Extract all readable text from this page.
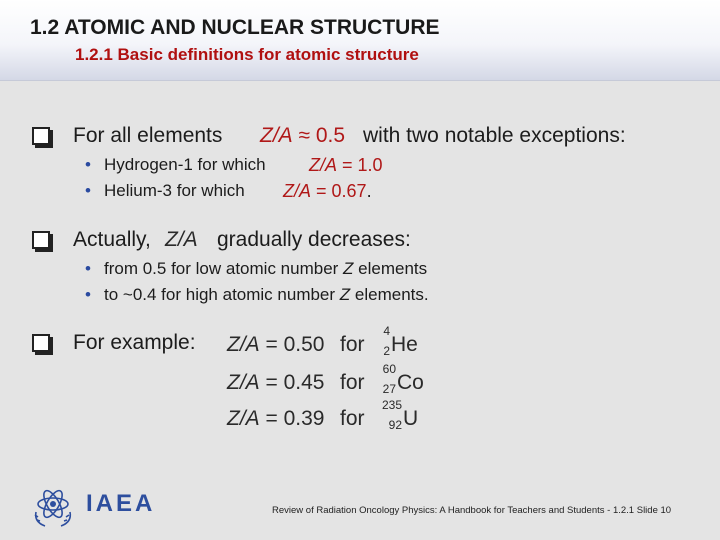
1.2 ATOMIC AND NUCLEAR STRUCTURE
1.2.1 Basic definitions for atomic structure
For all elements Z/A ≈ 0.5 with two notable exceptions:
• Hydrogen-1 for which Z/A = 1.0
• Helium-3 for which Z/A = 0.67.
Actually, Z/A gradually decreases:
• from 0.5 for low atomic number Z elements
• to ~0.4 for high atomic number Z elements.
For example: Z/A = 0.50 for
4
2 He
Z/A = 0.45 for
60
27 Co
Z/A = 0.39 for
235
92 U
IAEA	Review of Radiation Oncology Physics: A Handbook for Teachers and Students - 1.2.1 Slide 10
